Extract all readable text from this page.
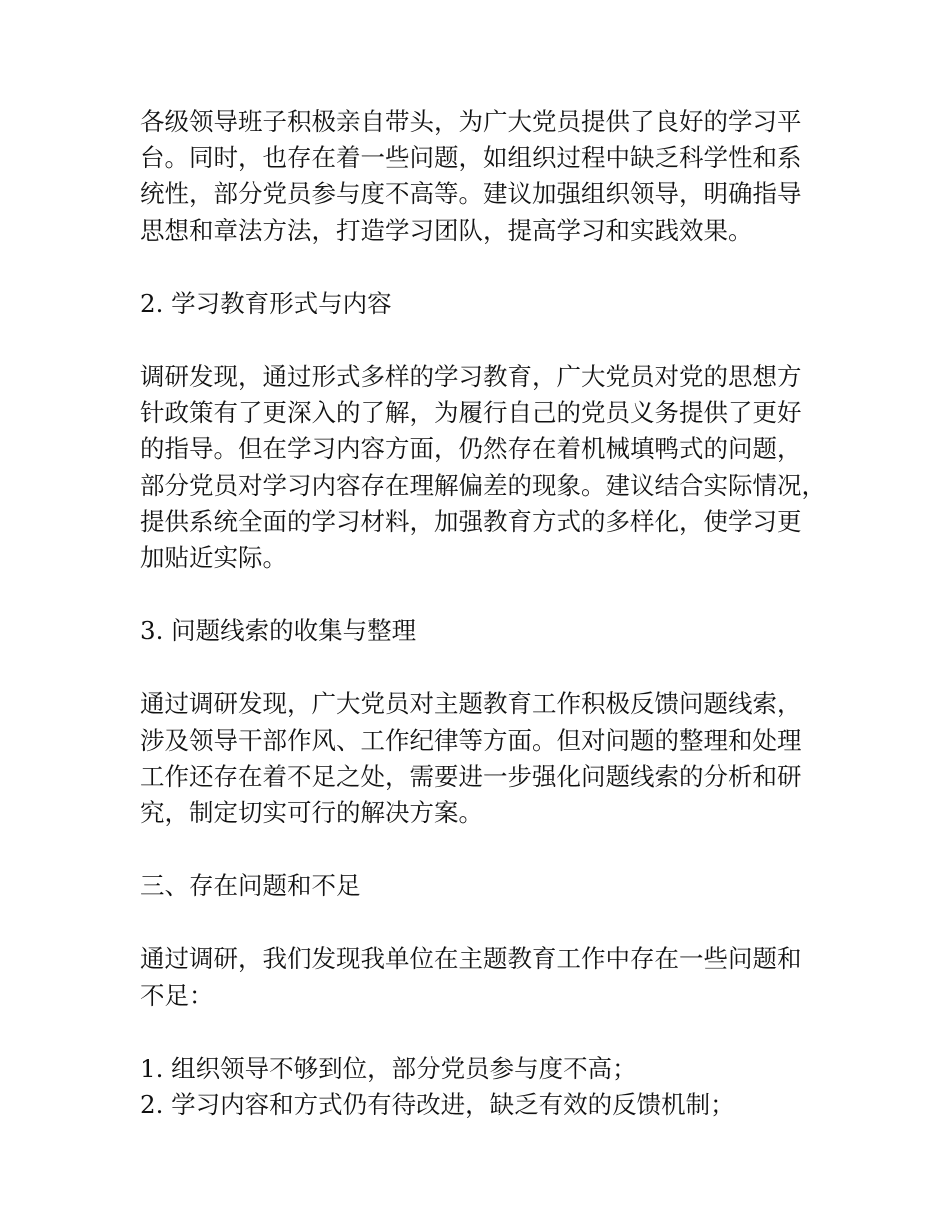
各级领导班子积极亲自带头，为广大党员提供了良好的学习平
台。同时，也存在着一些问题，如组织过程中缺乏科学性和系
统性，部分党员参与度不高等。建议加强组织领导，明确指导
思想和章法方法，打造学习团队，提高学习和实践效果。
2. 学习教育形式与内容
调研发现，通过形式多样的学习教育，广大党员对党的思想方
针政策有了更深入的了解，为履行自己的党员义务提供了更好
的指导。但在学习内容方面，仍然存在着机械填鸭式的问题，
部分党员对学习内容存在理解偏差的现象。建议结合实际情况，
提供系统全面的学习材料，加强教育方式的多样化，使学习更
加贴近实际。
3. 问题线索的收集与整理
通过调研发现，广大党员对主题教育工作积极反馈问题线索，
涉及领导干部作风、工作纪律等方面。但对问题的整理和处理
工作还存在着不足之处，需要进一步强化问题线索的分析和研
究，制定切实可行的解决方案。
三、存在问题和不足
通过调研，我们发现我单位在主题教育工作中存在一些问题和
不足：
1. 组织领导不够到位，部分党员参与度不高；
2. 学习内容和方式仍有待改进，缺乏有效的反馈机制；
